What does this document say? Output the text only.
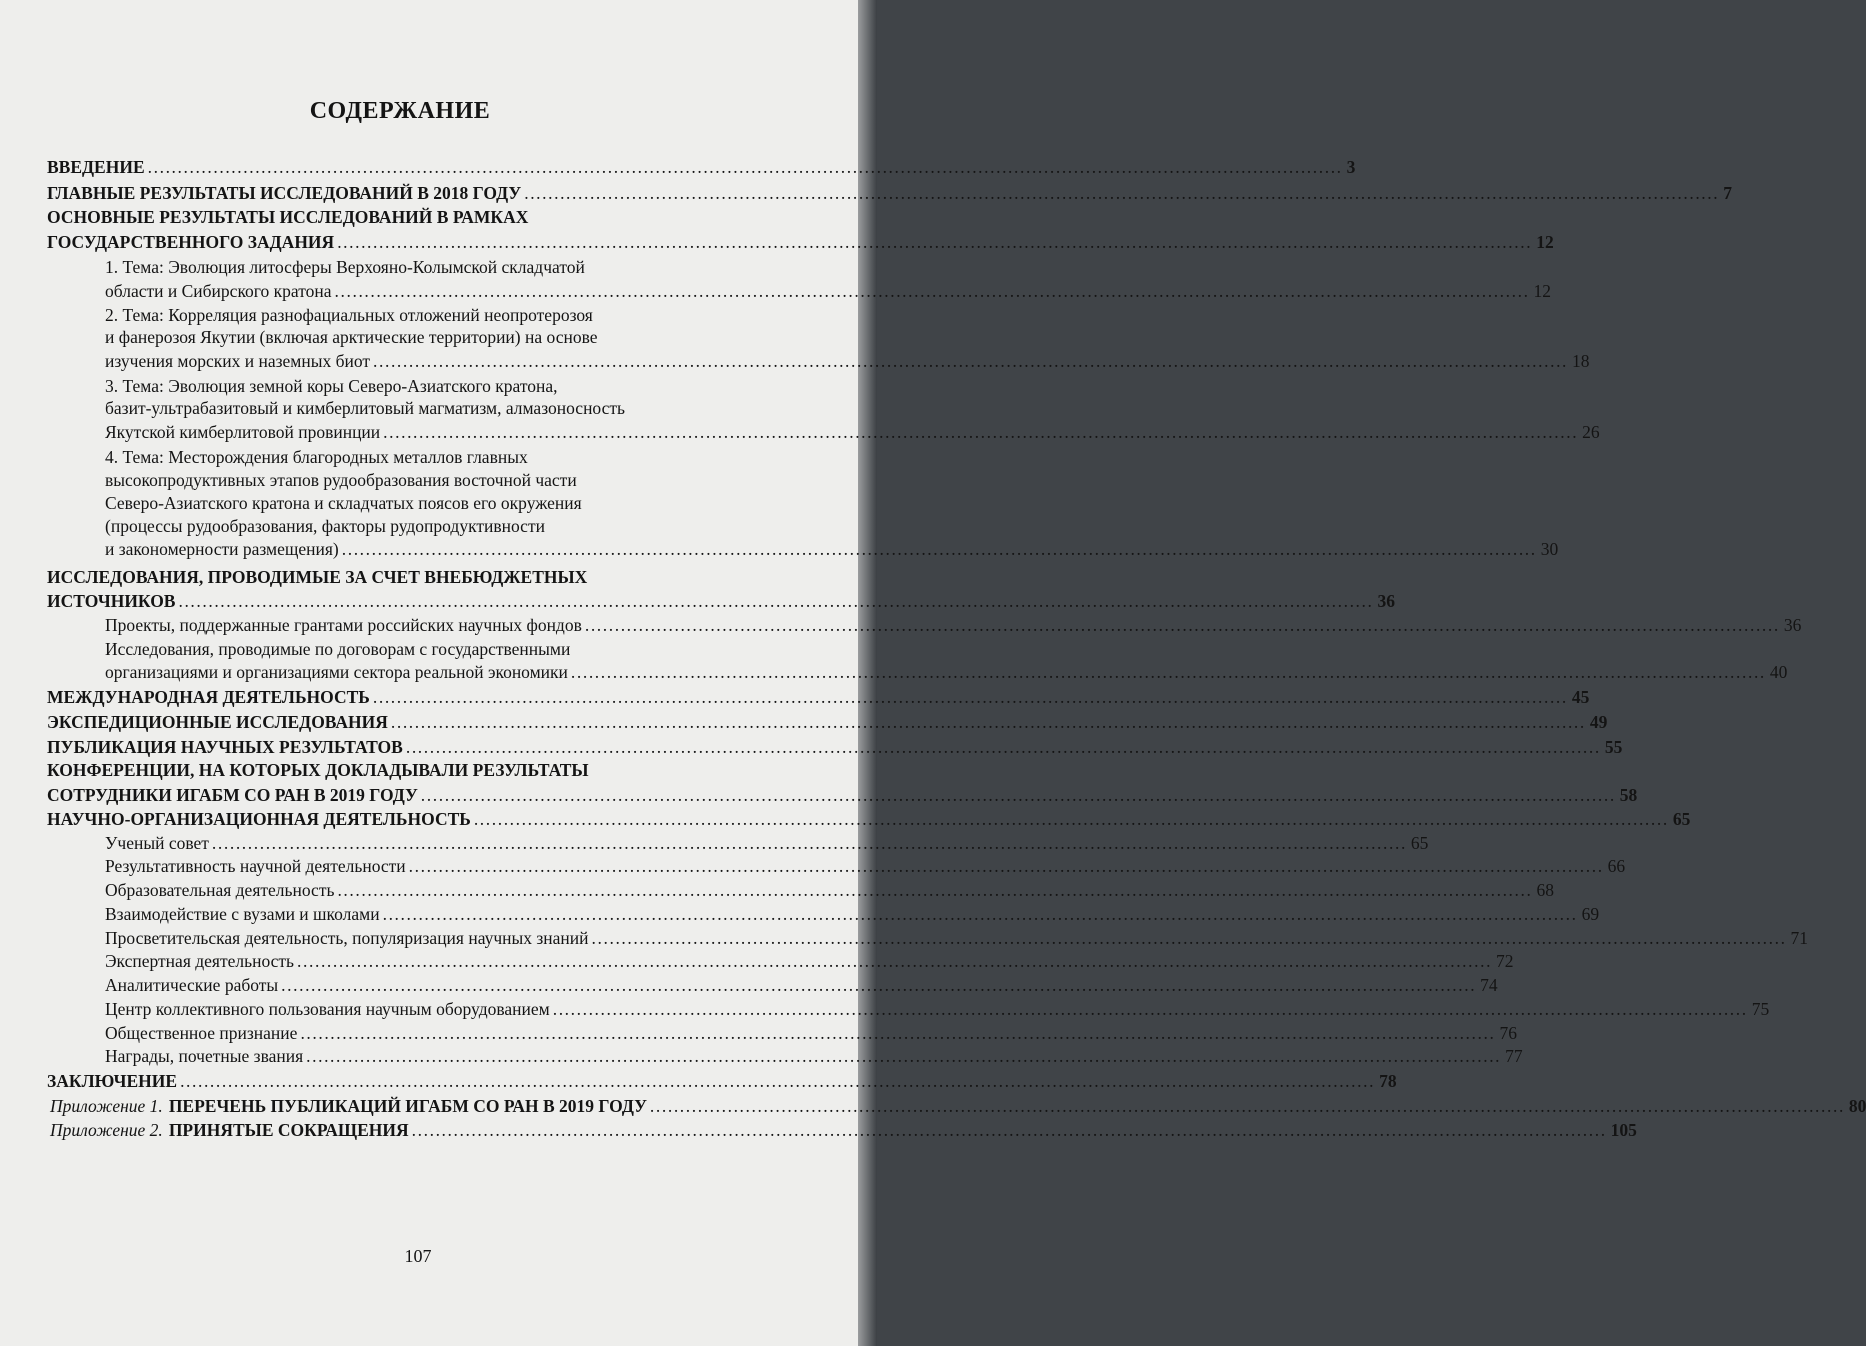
СОДЕРЖАНИЕ
ВВЕДЕНИЕ ........................................................................................................................................................................................................ 3
ГЛАВНЫЕ РЕЗУЛЬТАТЫ ИССЛЕДОВАНИЙ В 2018 ГОДУ ........................................................................................................................................................................................................ 7
ОСНОВНЫЕ РЕЗУЛЬТАТЫ ИССЛЕДОВАНИЙ В РАМКАХ
ГОСУДАРСТВЕННОГО ЗАДАНИЯ ........................................................................................................................................................................................................ 12
1. Тема: Эволюция литосферы Верхояно-Колымской складчатой
области и Сибирского кратона ........................................................................................................................................................................................................ 12
2. Тема: Корреляция разнофациальных отложений неопротерозоя
и фанерозоя Якутии (включая арктические территории) на основе
изучения морских и наземных биот ........................................................................................................................................................................................................ 18
3. Тема: Эволюция земной коры Северо-Азиатского кратона,
базит-ультрабазитовый и кимберлитовый магматизм, алмазоносность
Якутской кимберлитовой провинции ........................................................................................................................................................................................................ 26
4. Тема: Месторождения благородных металлов главных
высокопродуктивных этапов рудообразования восточной части
Северо-Азиатского кратона и складчатых поясов его окружения
(процессы рудообразования, факторы рудопродуктивности
и закономерности размещения) ........................................................................................................................................................................................................ 30
ИССЛЕДОВАНИЯ, ПРОВОДИМЫЕ ЗА СЧЕТ ВНЕБЮДЖЕТНЫХ
ИСТОЧНИКОВ ........................................................................................................................................................................................................ 36
Проекты, поддержанные грантами российских научных фондов ........................................................................................................................................................................................................ 36
Исследования, проводимые по договорам с государственными
организациями и организациями сектора реальной экономики ........................................................................................................................................................................................................ 40
МЕЖДУНАРОДНАЯ ДЕЯТЕЛЬНОСТЬ ........................................................................................................................................................................................................ 45
ЭКСПЕДИЦИОННЫЕ ИССЛЕДОВАНИЯ ........................................................................................................................................................................................................ 49
ПУБЛИКАЦИЯ НАУЧНЫХ РЕЗУЛЬТАТОВ ........................................................................................................................................................................................................ 55
КОНФЕРЕНЦИИ, НА КОТОРЫХ ДОКЛАДЫВАЛИ РЕЗУЛЬТАТЫ
СОТРУДНИКИ ИГАБМ СО РАН В 2019 ГОДУ ........................................................................................................................................................................................................ 58
НАУЧНО-ОРГАНИЗАЦИОННАЯ ДЕЯТЕЛЬНОСТЬ ........................................................................................................................................................................................................ 65
Ученый совет ........................................................................................................................................................................................................ 65
Результативность научной деятельности ........................................................................................................................................................................................................ 66
Образовательная деятельность ........................................................................................................................................................................................................ 68
Взаимодействие с вузами и школами ........................................................................................................................................................................................................ 69
Просветительская деятельность, популяризация научных знаний ........................................................................................................................................................................................................ 71
Экспертная деятельность ........................................................................................................................................................................................................ 72
Аналитические работы ........................................................................................................................................................................................................ 74
Центр коллективного пользования научным оборудованием ........................................................................................................................................................................................................ 75
Общественное признание ........................................................................................................................................................................................................ 76
Награды, почетные звания ........................................................................................................................................................................................................ 77
ЗАКЛЮЧЕНИЕ ........................................................................................................................................................................................................ 78
Приложение 1. ПЕРЕЧЕНЬ ПУБЛИКАЦИЙ ИГАБМ СО РАН В 2019 ГОДУ ........................................................................................................................................................................................................ 80
Приложение 2. ПРИНЯТЫЕ СОКРАЩЕНИЯ ........................................................................................................................................................................................................ 105
107
